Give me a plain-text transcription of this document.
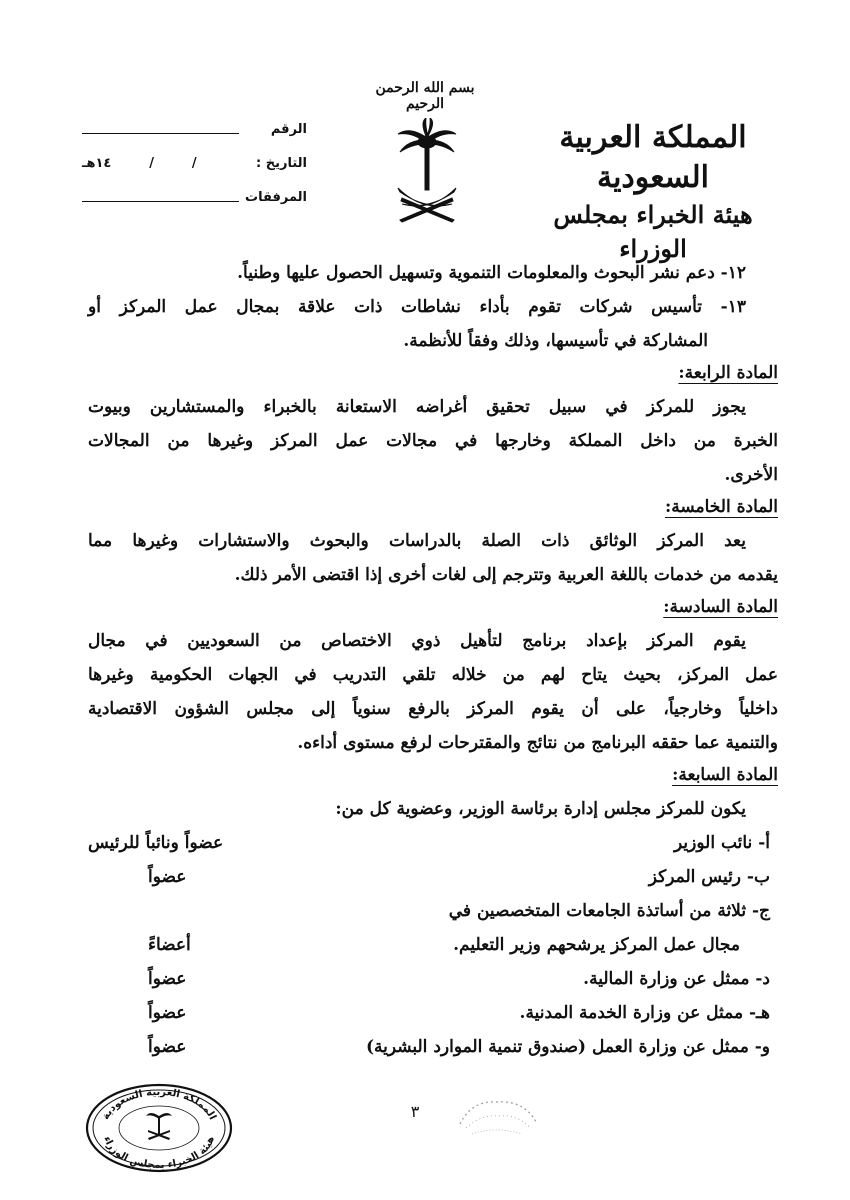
بسم الله الرحمن الرحيم
المملكة العربية السعودية
هيئة الخبراء بمجلس الوزراء
الرقم
التاريخ :

/
/
١٤هـ
المرفقات
١٢- دعم نشر البحوث والمعلومات التنموية وتسهيل الحصول عليها وطنياً.
١٣- تأسيس شركات تقوم بأداء نشاطات ذات علاقة بمجال عمل المركز أو
المشاركة في تأسيسها، وذلك وفقاً للأنظمة.
المادة الرابعة:
يجوز للمركز في سبيل تحقيق أغراضه الاستعانة بالخبراء والمستشارين وبيوت
الخبرة من داخل المملكة وخارجها في مجالات عمل المركز وغيرها من المجالات
الأخرى.
المادة الخامسة:
يعد المركز الوثائق ذات الصلة بالدراسات والبحوث والاستشارات وغيرها مما
يقدمه من خدمات باللغة العربية وتترجم إلى لغات أخرى إذا اقتضى الأمر ذلك.
المادة السادسة:
يقوم المركز بإعداد برنامج لتأهيل ذوي الاختصاص من السعوديين في مجال
عمل المركز، بحيث يتاح لهم من خلاله تلقي التدريب في الجهات الحكومية وغيرها
داخلياً وخارجياً، على أن يقوم المركز بالرفع سنوياً إلى مجلس الشؤون الاقتصادية
والتنمية عما حققه البرنامج من نتائج والمقترحات لرفع مستوى أداءه.
المادة السابعة:
يكون للمركز مجلس إدارة برئاسة الوزير، وعضوية كل من:
أ- نائب الوزير
عضواً ونائباً للرئيس
ب- رئيس المركز
عضواً
ج- ثلاثة من أساتذة الجامعات المتخصصين في
مجال عمل المركز يرشحهم وزير التعليم.
أعضاءً
د- ممثل عن وزارة المالية.
عضواً
هـ- ممثل عن وزارة الخدمة المدنية.
عضواً
و- ممثل عن وزارة العمل (صندوق تنمية الموارد البشرية)
عضواً
٣
المملكة العربية السعودية
هيئة الخبراء بمجلس الوزراء
